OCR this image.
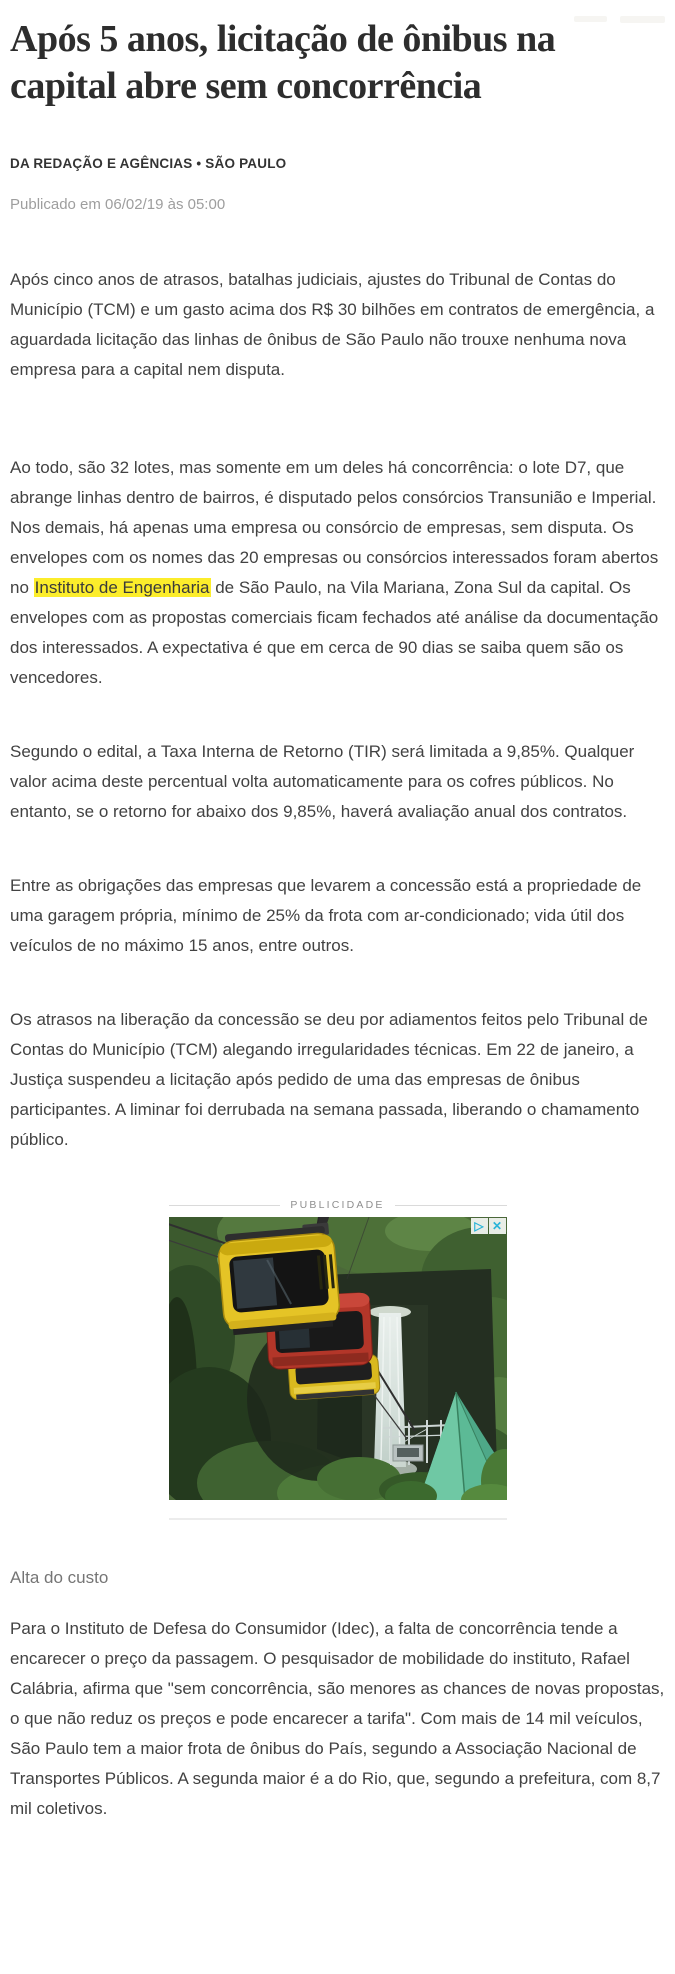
Após 5 anos, licitação de ônibus na capital abre sem concorrência
DA REDAÇÃO E AGÊNCIAS • SÃO PAULO
Publicado em 06/02/19 às 05:00

Após cinco anos de atrasos, batalhas judiciais, ajustes do Tribunal de Contas do Município (TCM) e um gasto acima dos R$ 30 bilhões em contratos de emergência, a aguardada licitação das linhas de ônibus de São Paulo não trouxe nenhuma nova empresa para a capital nem disputa.

Ao todo, são 32 lotes, mas somente em um deles há concorrência: o lote D7, que abrange linhas dentro de bairros, é disputado pelos consórcios Transunião e Imperial. Nos demais, há apenas uma empresa ou consórcio de empresas, sem disputa. Os envelopes com os nomes das 20 empresas ou consórcios interessados foram abertos no Instituto de Engenharia de São Paulo, na Vila Mariana, Zona Sul da capital. Os envelopes com as propostas comerciais ficam fechados até análise da documentação dos interessados. A expectativa é que em cerca de 90 dias se saiba quem são os vencedores.

Segundo o edital, a Taxa Interna de Retorno (TIR) será limitada a 9,85%. Qualquer valor acima deste percentual volta automaticamente para os cofres públicos. No entanto, se o retorno for abaixo dos 9,85%, haverá avaliação anual dos contratos.

Entre as obrigações das empresas que levarem a concessão está a propriedade de uma garagem própria, mínimo de 25% da frota com ar-condicionado; vida útil dos veículos de no máximo 15 anos, entre outros.

Os atrasos na liberação da concessão se deu por adiamentos feitos pelo Tribunal de Contas do Município (TCM) alegando irregularidades técnicas. Em 22 de janeiro, a Justiça suspendeu a licitação após pedido de uma das empresas de ônibus participantes. A liminar foi derrubada na semana passada, liberando o chamamento público.

PUBLICIDADE
▷ ✕
Alta do custo

Para o Instituto de Defesa do Consumidor (Idec), a falta de concorrência tende a encarecer o preço da passagem. O pesquisador de mobilidade do instituto, Rafael Calábria, afirma que "sem concorrência, são menores as chances de novas propostas, o que não reduz os preços e pode encarecer a tarifa". Com mais de 14 mil veículos, São Paulo tem a maior frota de ônibus do País, segundo a Associação Nacional de Transportes Públicos. A segunda maior é a do Rio, que, segundo a prefeitura, com 8,7 mil coletivos.
